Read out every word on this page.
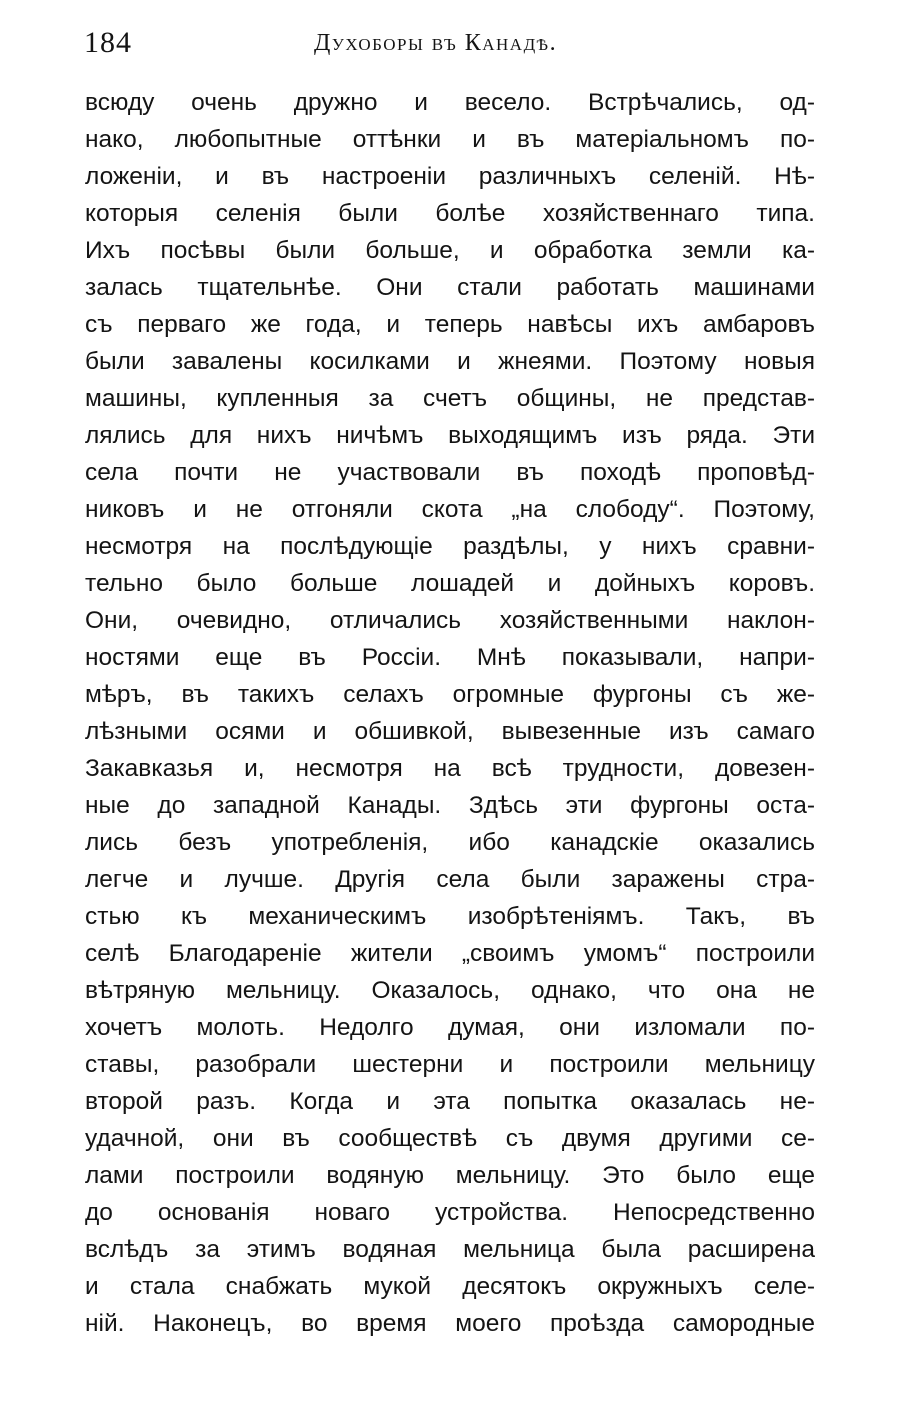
184	Духоборы въ Канадѣ.
всюду очень дружно и весело. Встрѣчались, од-
нако, любопытные оттѣнки и въ матеріальномъ по-
ложеніи, и въ настроеніи различныхъ селеній. Нѣ-
которыя селенія были болѣе хозяйственнаго типа.
Ихъ посѣвы были больше, и обработка земли ка-
залась тщательнѣе. Они стали работать машинами
съ перваго же года, и теперь навѣсы ихъ амбаровъ
были завалены косилками и жнеями. Поэтому новыя
машины, купленныя за счетъ общины, не представ-
лялись для нихъ ничѣмъ выходящимъ изъ ряда. Эти
села почти не участвовали въ походѣ проповѣд-
никовъ и не отгоняли скота „на слободу“. Поэтому,
несмотря на послѣдующіе раздѣлы, у нихъ сравни-
тельно было больше лошадей и дойныхъ коровъ.
Они, очевидно, отличались хозяйственными наклон-
ностями еще въ Россіи. Мнѣ показывали, напри-
мѣръ, въ такихъ селахъ огромные фургоны съ же-
лѣзными осями и обшивкой, вывезенные изъ самаго
Закавказья и, несмотря на всѣ трудности, довезен-
ные до западной Канады. Здѣсь эти фургоны оста-
лись безъ употребленія, ибо канадскіе оказались
легче и лучше. Другія села были заражены стра-
стью къ механическимъ изобрѣтеніямъ. Такъ, въ
селѣ Благодареніе жители „своимъ умомъ“ построили
вѣтряную мельницу. Оказалось, однако, что она не
хочетъ молоть. Недолго думая, они изломали по-
ставы, разобрали шестерни и построили мельницу
второй разъ. Когда и эта попытка оказалась не-
удачной, они въ сообществѣ съ двумя другими се-
лами построили водяную мельницу. Это было еще
до основанія новаго устройства. Непосредственно
вслѣдъ за этимъ водяная мельница была расширена
и стала снабжать мукой десятокъ окружныхъ селе-
ній. Наконецъ, во время моего проѣзда самородные
